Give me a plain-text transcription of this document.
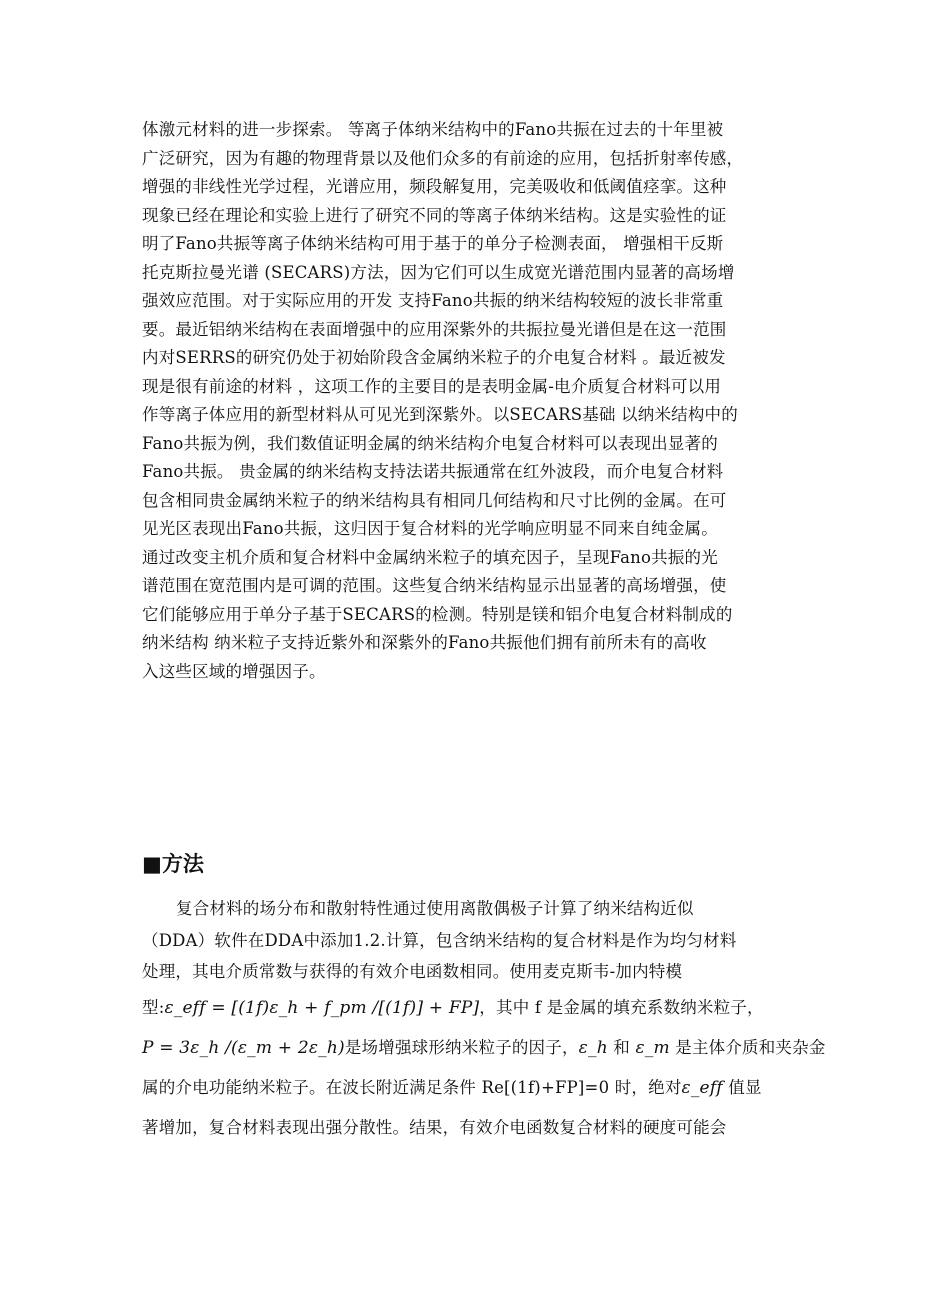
体激元材料的进一步探索。 等离子体纳米结构中的Fano共振在过去的十年里被
广泛研究，因为有趣的物理背景以及他们众多的有前途的应用，包括折射率传感，
增强的非线性光学过程，光谱应用，频段解复用，完美吸收和低阈值痉挛。这种
现象已经在理论和实验上进行了研究不同的等离子体纳米结构。这是实验性的证
明了Fano共振等离子体纳米结构可用于基于的单分子检测表面， 增强相干反斯
托克斯拉曼光谱 (SECARS)方法，因为它们可以生成宽光谱范围内显著的高场增
强效应范围。对于实际应用的开发 支持Fano共振的纳米结构较短的波长非常重
要。最近铝纳米结构在表面增强中的应用深紫外的共振拉曼光谱但是在这一范围
内对SERRS的研究仍处于初始阶段含金属纳米粒子的介电复合材料 。最近被发
现是很有前途的材料 ，这项工作的主要目的是表明金属-电介质复合材料可以用
作等离子体应用的新型材料从可见光到深紫外。以SECARS基础 以纳米结构中的
Fano共振为例，我们数值证明金属的纳米结构介电复合材料可以表现出显著的
Fano共振。 贵金属的纳米结构支持法诺共振通常在红外波段，而介电复合材料
包含相同贵金属纳米粒子的纳米结构具有相同几何结构和尺寸比例的金属。在可
见光区表现出Fano共振，这归因于复合材料的光学响应明显不同来自纯金属。
通过改变主机介质和复合材料中金属纳米粒子的填充因子，呈现Fano共振的光
谱范围在宽范围内是可调的范围。这些复合纳米结构显示出显著的高场增强，使
它们能够应用于单分子基于SECARS的检测。特别是镁和铝介电复合材料制成的
纳米结构 纳米粒子支持近紫外和深紫外的Fano共振他们拥有前所未有的高收
入这些区域的增强因子。
■方法
复合材料的场分布和散射特性通过使用离散偶极子计算了纳米结构近似
（DDA）软件在DDA中添加1.2.计算，包含纳米结构的复合材料是作为均匀材料
处理，其电介质常数与获得的有效介电函数相同。使用麦克斯韦-加内特模
型:ε_eff = [(1f)ε_h + f_pm /[(1f)] + FP]，其中 f 是金属的填充系数纳米粒子，
P = 3ε_h /(ε_m + 2ε_h)是场增强球形纳米粒子的因子，ε_h 和 ε_m 是主体介质和夹杂金
属的介电功能纳米粒子。在波长附近满足条件 Re[(1f)+FP]=0 时，绝对ε_eff 值显
著增加，复合材料表现出强分散性。结果，有效介电函数复合材料的硬度可能会
